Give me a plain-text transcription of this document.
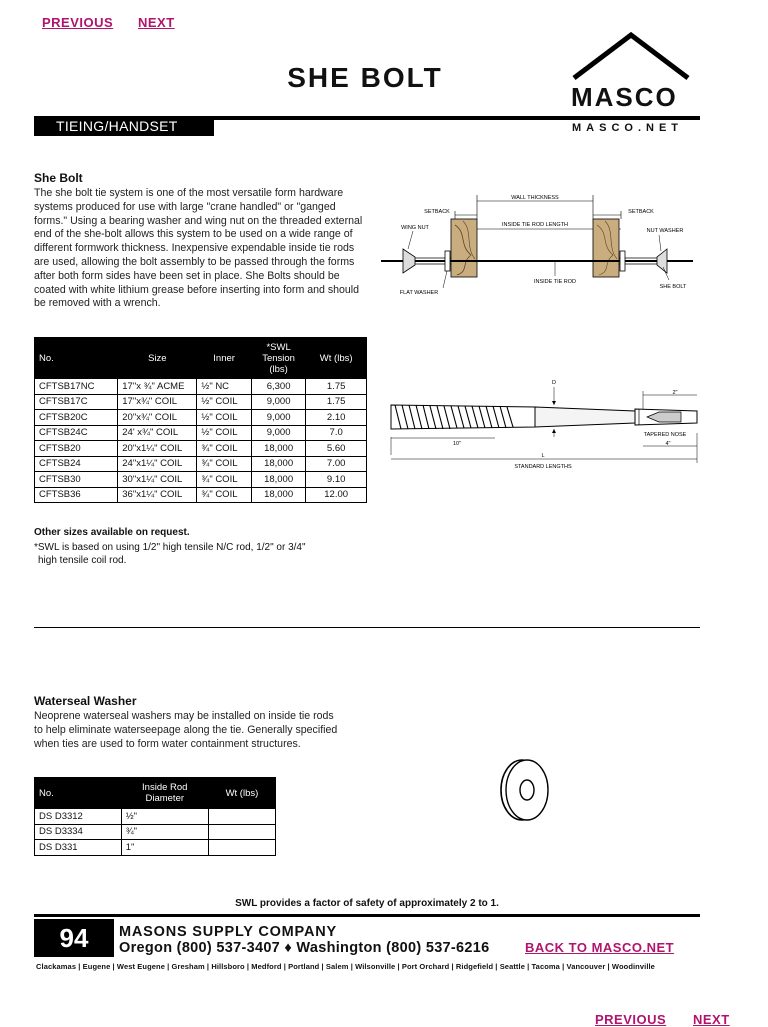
PREVIOUS NEXT
SHE BOLT
MASCO
MASCO.NET
TIEING/HANDSET
She Bolt
The she bolt tie system is one of the most versatile form hardware systems produced for use with large "crane handled" or "ganged forms." Using a bearing washer and wing nut on the threaded external end of the she-bolt allows this system to be used on a wide range of different formwork thickness. Inexpensive expendable inside tie rods are used, allowing the bolt assembly to be passed through the forms after both form sides have been set in place. She Bolts should be coated with white lithium grease before inserting into form and should be removed with a wrench.
No.	Size	Inner	*SWL Tension (lbs)	Wt (lbs)
CFTSB17NC	17"x ¾" ACME	½" NC	6,300	1.75
CFTSB17C	17"x¾" COIL	½" COIL	9,000	1.75
CFTSB20C	20"x¾" COIL	½" COIL	9,000	2.10
CFTSB24C	24' x¾" COIL	½" COIL	9,000	7.0
CFTSB20	20"x1¼" COIL	¾" COIL	18,000	5.60
CFTSB24	24"x1¼" COIL	¾" COIL	18,000	7.00
CFTSB30	30"x1¼" COIL	¾" COIL	18,000	9.10
CFTSB36	36"x1¼" COIL	¾" COIL	18,000	12.00
Other sizes available on request.
*SWL is based on using 1/2" high tensile N/C rod, 1/2" or 3/4"
high tensile coil rod.
WALL THICKNESS
SETBACK	SETBACK
INSIDE TIE ROD LENGTH
WING NUT	NUT WASHER
INSIDE TIE ROD
FLAT WASHER
SHE BOLT
D
2"
10"
L
TAPERED NOSE
4"
STANDARD LENGTHS
Waterseal Washer
Neoprene waterseal washers may be installed on inside tie rods to help eliminate waterseepage along the tie. Generally specified when ties are used to form water containment structures.
No.	Inside Rod Diameter	Wt (lbs)
DS D3312	½"	
DS D3334	¾"	
DS D331	1"	
SWL provides a factor of safety of approximately 2 to 1.
94	MASONS SUPPLY COMPANY
Oregon (800) 537-3407 ♦ Washington (800) 537-6216	BACK TO MASCO.NET
Clackamas | Eugene | West Eugene | Gresham | Hillsboro | Medford | Portland | Salem | Wilsonville | Port Orchard | Ridgefield | Seattle | Tacoma | Vancouver | Woodinville
PREVIOUS NEXT
